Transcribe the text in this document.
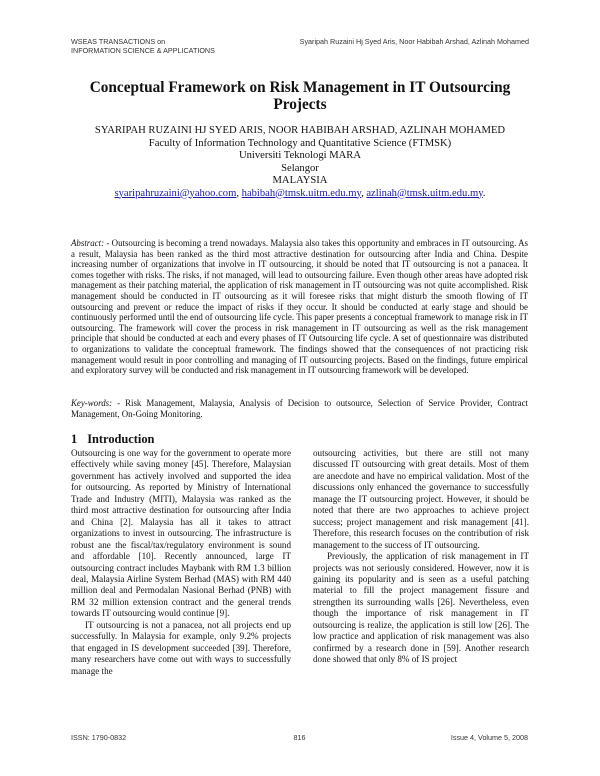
WSEAS TRANSACTIONS on
INFORMATION SCIENCE & APPLICATIONS
Syaripah Ruzaini Hj Syed Aris, Noor Habibah Arshad, Azlinah Mohamed
Conceptual Framework on Risk Management in IT Outsourcing Projects
SYARIPAH RUZAINI HJ SYED ARIS, NOOR HABIBAH ARSHAD, AZLINAH MOHAMED
Faculty of Information Technology and Quantitative Science (FTMSK)
Universiti Teknologi MARA
Selangor
MALAYSIA
syaripahruzaini@yahoo.com, habibah@tmsk.uitm.edu.my, azlinah@tmsk.uitm.edu.my.
Abstract: - Outsourcing is becoming a trend nowadays. Malaysia also takes this opportunity and embraces in IT outsourcing. As a result, Malaysia has been ranked as the third most attractive destination for outsourcing after India and China. Despite increasing number of organizations that involve in IT outsourcing, it should be noted that IT outsourcing is not a panacea. It comes together with risks. The risks, if not managed, will lead to outsourcing failure. Even though other areas have adopted risk management as their patching material, the application of risk management in IT outsourcing was not quite accomplished. Risk management should be conducted in IT outsourcing as it will foresee risks that might disturb the smooth flowing of IT outsourcing and prevent or reduce the impact of risks if they occur. It should be conducted at early stage and should be continuously performed until the end of outsourcing life cycle. This paper presents a conceptual framework to manage risk in IT outsourcing. The framework will cover the process in risk management in IT outsourcing as well as the risk management principle that should be conducted at each and every phases of IT Outsourcing life cycle. A set of questionnaire was distributed to organizations to validate the conceptual framework. The findings showed that the consequences of not practicing risk management would result in poor controlling and managing of IT outsourcing projects. Based on the findings, future empirical and exploratory survey will be conducted and risk management in IT outsourcing framework will be developed.
Key-words: - Risk Management, Malaysia, Analysis of Decision to outsource, Selection of Service Provider, Contract Management, On-Going Monitoring.
1 Introduction

Outsourcing is one way for the government to operate more effectively while saving money [45]. Therefore, Malaysian government has actively involved and supported the idea for outsourcing. As reported by Ministry of International Trade and Industry (MITI), Malaysia was ranked as the third most attractive destination for outsourcing after India and China [2]. Malaysia has all it takes to attract organizations to invest in outsourcing. The infrastructure is robust ane the fiscal/tax/regulatory environment is sound and affordable [10]. Recently announced, large IT outsourcing contract includes Maybank with RM 1.3 billion deal, Malaysia Airline System Berhad (MAS) with RM 440 million deal and Permodalan Nasional Berhad (PNB) with RM 32 million extension contract and the general trends towards IT outsourcing would continue [9].

IT outsourcing is not a panacea, not all projects end up successfully. In Malaysia for example, only 9.2% projects that engaged in IS development succeeded [39]. Therefore, many researchers have come out with ways to successfully manage the

outsourcing activities, but there are still not many discussed IT outsourcing with great details. Most of them are anecdote and have no empirical validation. Most of the discussions only enhanced the governance to successfully manage the IT outsourcing project. However, it should be noted that there are two approaches to achieve project success; project management and risk management [41]. Therefore, this research focuses on the contribution of risk management to the success of IT outsourcing.

Previously, the application of risk management in IT projects was not seriously considered. However, now it is gaining its popularity and is seen as a useful patching material to fill the project management fissure and strengthen its surrounding walls [26]. Nevertheless, even though the importance of risk management in IT outsourcing is realize, the application is still low [26]. The low practice and application of risk management was also confirmed by a research done in [59]. Another research done showed that only 8% of IS project

ISSN: 1790-0832	816	Issue 4, Volume 5, 2008
